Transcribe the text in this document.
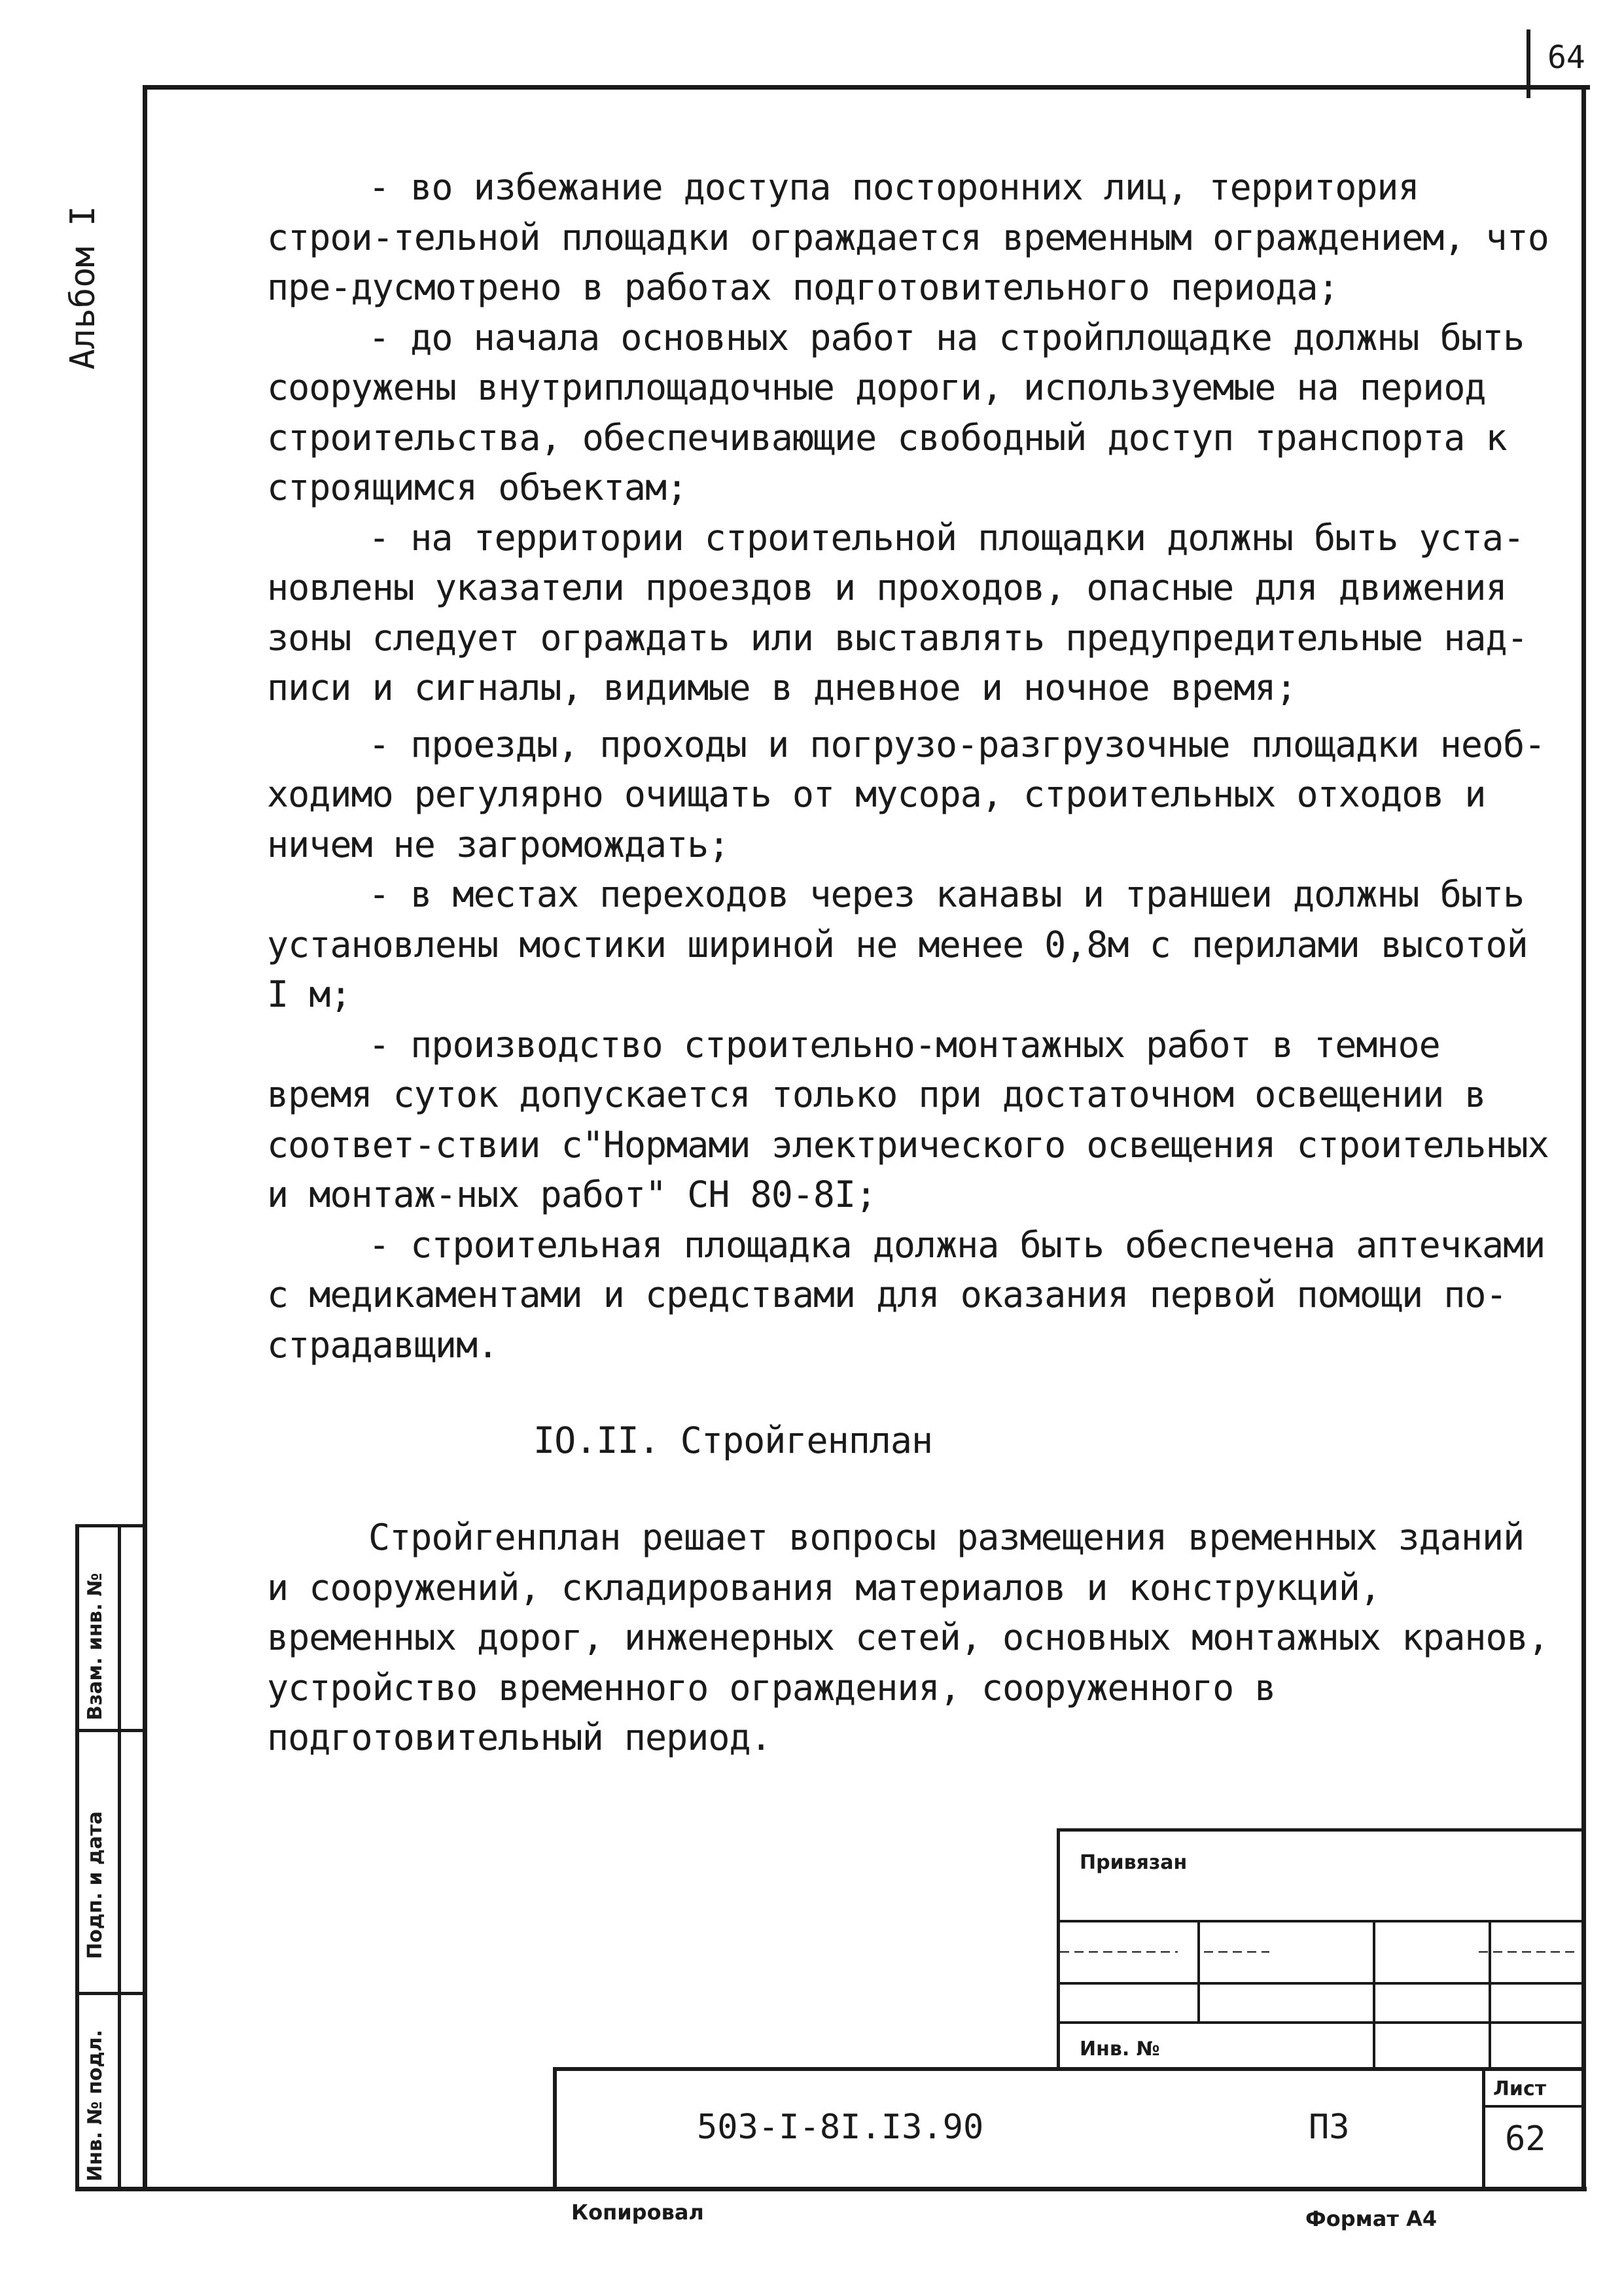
64
Альбом I
Взам. инв. №
Подп. и дата
Инв. № подл.

- во избежание доступа посторонних лиц, территория строи-тельной площадки ограждается временным ограждением, что пре-дусмотрено в работах подготовительного периода;

- до начала основных работ на стройплощадке должны быть сооружены внутриплощадочные дороги, используемые на период строительства, обеспечивающие свободный доступ транспорта к строящимся объектам;

- на территории строительной площадки должны быть уста-новлены указатели проездов и проходов, опасные для движения зоны следует ограждать или выставлять предупредительные над-писи и сигналы, видимые в дневное и ночное время;

- проезды, проходы и погрузо-разгрузочные площадки необ-ходимо регулярно очищать от мусора, строительных отходов и ничем не загромождать;

- в местах переходов через канавы и траншеи должны быть установлены мостики шириной не менее 0,8м с перилами высотой I м;

- производство строительно-монтажных работ в темное время суток допускается только при достаточном освещении в соответ-ствии с"Нормами электрического освещения строительных и монтаж-ных работ" СН 80-8I;

- строительная площадка должна быть обеспечена аптечками с медикаментами и средствами для оказания первой помощи по-страдавщим.

IO.II. Стройгенплан

Стройгенплан решает вопросы размещения временных зданий и сооружений, складирования материалов и конструкций, временных дорог, инженерных сетей, основных монтажных кранов, устройство временного ограждения, сооруженного в подготовительный период.

Привязан
Инв. №
503-I-8I.I3.90	ПЗ
Лист
62
Копировал	Формат А4
